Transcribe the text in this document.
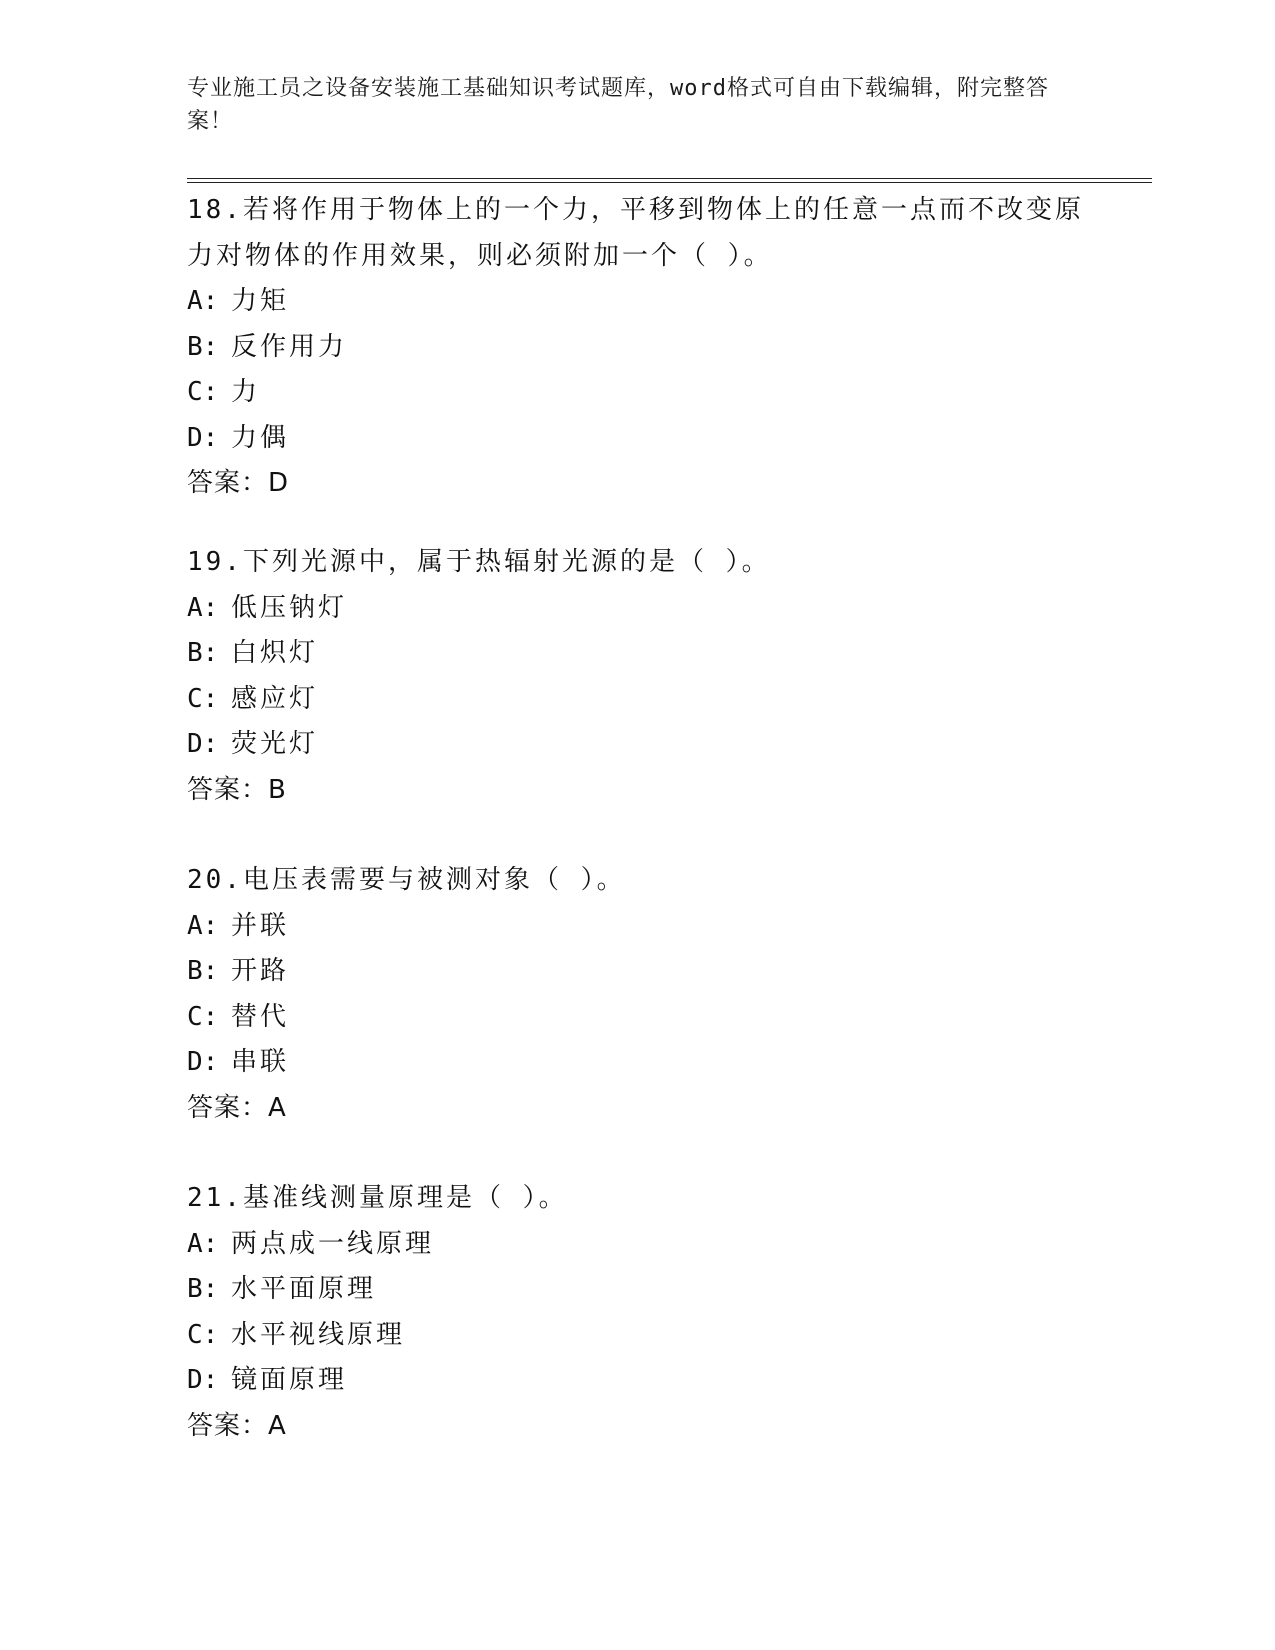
专业施工员之设备安装施工基础知识考试题库，word格式可自由下载编辑，附完整答案！

18.若将作用于物体上的一个力，平移到物体上的任意一点而不改变原力对物体的作用效果，则必须附加一个（ ）。

A: 力矩
B: 反作用力
C: 力
D: 力偶
答案：D

19.下列光源中，属于热辐射光源的是（ ）。

A: 低压钠灯
B: 白炽灯
C: 感应灯
D: 荧光灯
答案：B

20.电压表需要与被测对象（ ）。

A: 并联
B: 开路
C: 替代
D: 串联
答案：A

21.基准线测量原理是（ ）。

A: 两点成一线原理
B: 水平面原理
C: 水平视线原理
D: 镜面原理
答案：A
